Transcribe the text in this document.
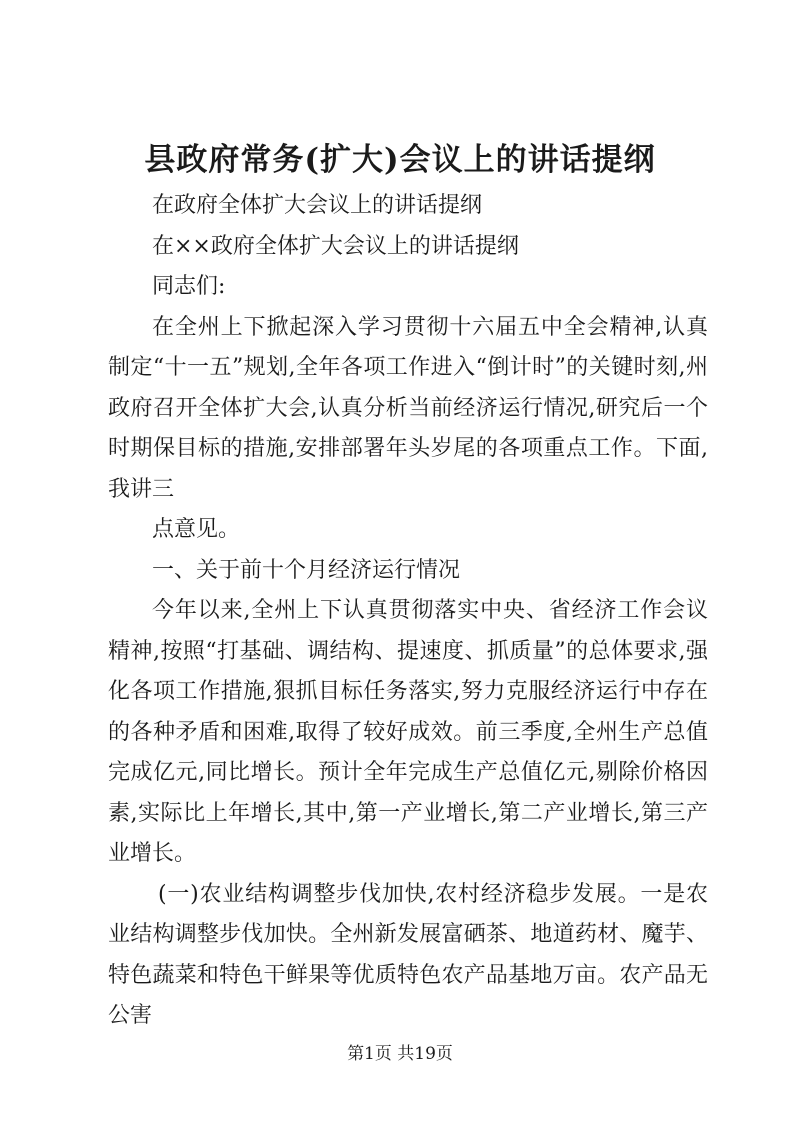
县政府常务(扩大)会议上的讲话提纲

在政府全体扩大会议上的讲话提纲

在××政府全体扩大会议上的讲话提纲

同志们:

在全州上下掀起深入学习贯彻十六届五中全会精神,认真制定“十一五”规划,全年各项工作进入“倒计时”的关键时刻,州政府召开全体扩大会,认真分析当前经济运行情况,研究后一个时期保目标的措施,安排部署年头岁尾的各项重点工作。下面,我讲三

点意见。

一、关于前十个月经济运行情况

今年以来,全州上下认真贯彻落实中央、省经济工作会议精神,按照“打基础、调结构、提速度、抓质量”的总体要求,强化各项工作措施,狠抓目标任务落实,努力克服经济运行中存在的各种矛盾和困难,取得了较好成效。前三季度,全州生产总值完成亿元,同比增长。预计全年完成生产总值亿元,剔除价格因素,实际比上年增长,其中,第一产业增长,第二产业增长,第三产业增长。

(一)农业结构调整步伐加快,农村经济稳步发展。一是农业结构调整步伐加快。全州新发展富硒茶、地道药材、魔芋、特色蔬菜和特色干鲜果等优质特色农产品基地万亩。农产品无公害

第1页 共19页
